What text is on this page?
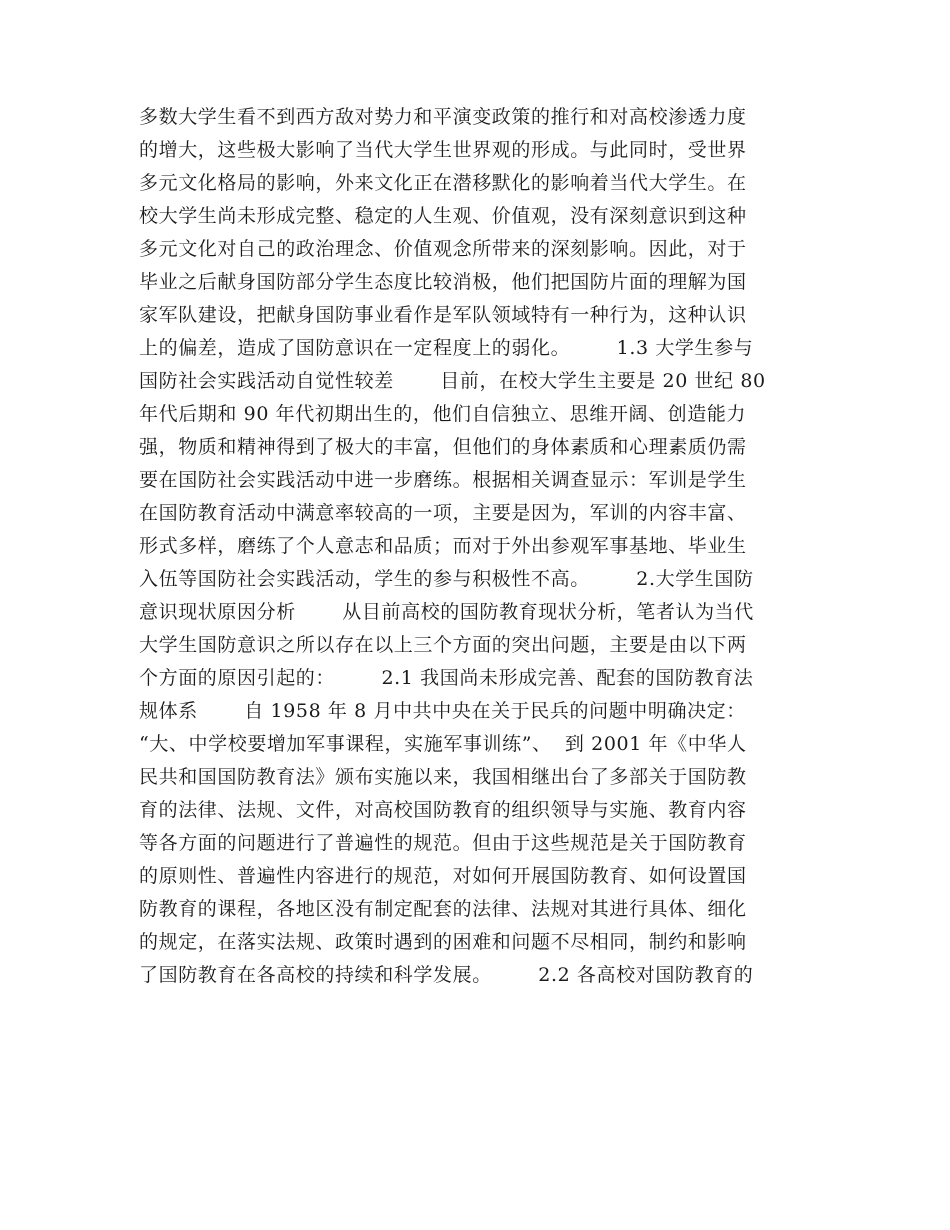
多数大学生看不到西方敌对势力和平演变政策的推行和对高校渗透力度
的增大，这些极大影响了当代大学生世界观的形成。与此同时，受世界
多元文化格局的影响，外来文化正在潜移默化的影响着当代大学生。在
校大学生尚未形成完整、稳定的人生观、价值观，没有深刻意识到这种
多元文化对自己的政治理念、价值观念所带来的深刻影响。因此，对于
毕业之后献身国防部分学生态度比较消极，他们把国防片面的理解为国
家军队建设，把献身国防事业看作是军队领域特有一种行为，这种认识
上的偏差，造成了国防意识在一定程度上的弱化。       1.3 大学生参与
国防社会实践活动自觉性较差       目前，在校大学生主要是 20 世纪 80
年代后期和 90 年代初期出生的，他们自信独立、思维开阔、创造能力
强，物质和精神得到了极大的丰富，但他们的身体素质和心理素质仍需
要在国防社会实践活动中进一步磨练。根据相关调查显示：军训是学生
在国防教育活动中满意率较高的一项，主要是因为，军训的内容丰富、
形式多样，磨练了个人意志和品质；而对于外出参观军事基地、毕业生
入伍等国防社会实践活动，学生的参与积极性不高。       2.大学生国防
意识现状原因分析       从目前高校的国防教育现状分析，笔者认为当代
大学生国防意识之所以存在以上三个方面的突出问题，主要是由以下两
个方面的原因引起的：       2.1 我国尚未形成完善、配套的国防教育法
规体系       自 1958 年 8 月中共中央在关于民兵的问题中明确决定：
“大、中学校要增加军事课程，实施军事训练”、  到 2001 年《中华人
民共和国国防教育法》颁布实施以来，我国相继出台了多部关于国防教
育的法律、法规、文件，对高校国防教育的组织领导与实施、教育内容
等各方面的问题进行了普遍性的规范。但由于这些规范是关于国防教育
的原则性、普遍性内容进行的规范，对如何开展国防教育、如何设置国
防教育的课程，各地区没有制定配套的法律、法规对其进行具体、细化
的规定，在落实法规、政策时遇到的困难和问题不尽相同，制约和影响
了国防教育在各高校的持续和科学发展。       2.2 各高校对国防教育的
